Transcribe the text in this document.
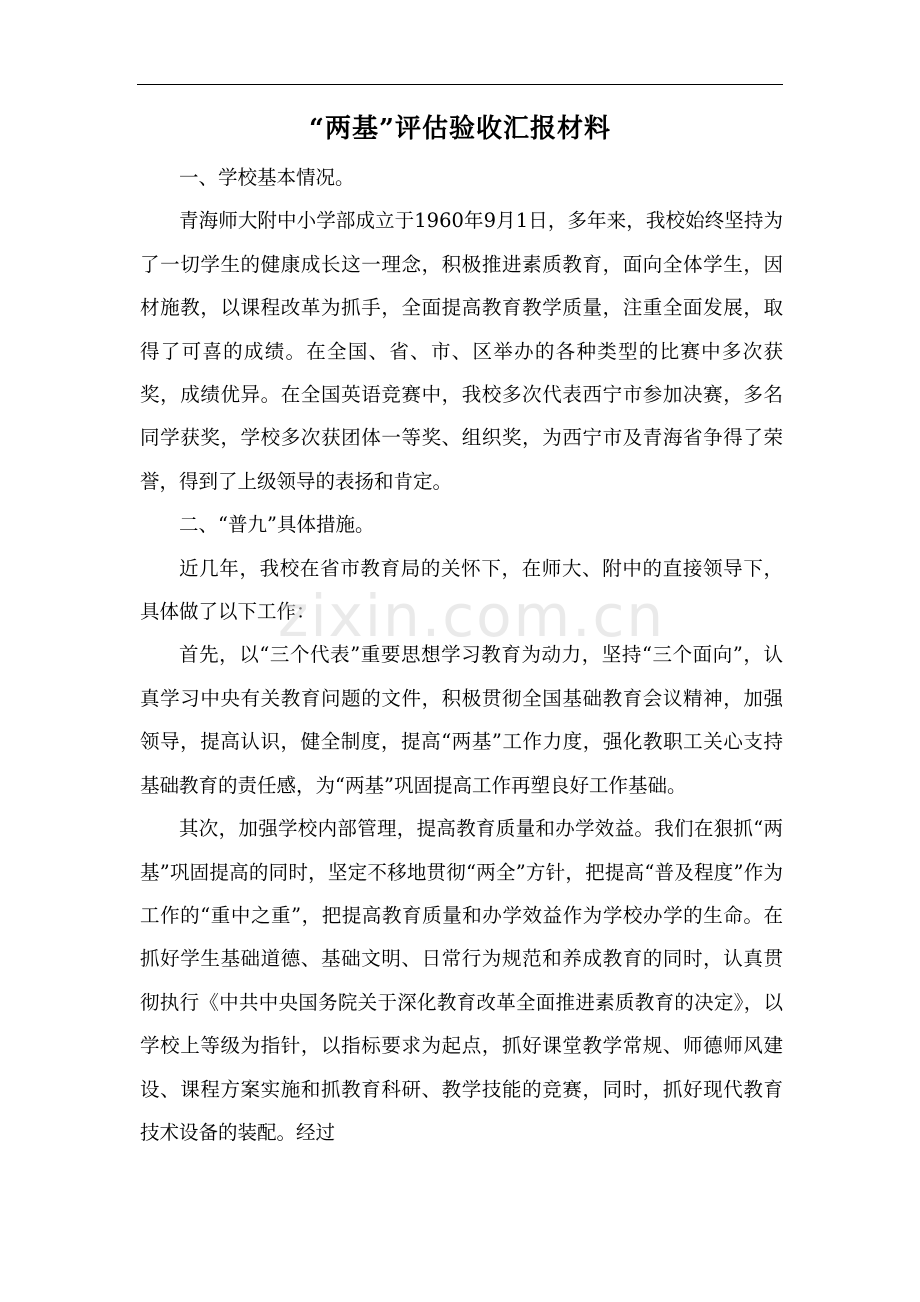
“两基”评估验收汇报材料

一、学校基本情况。

青海师大附中小学部成立于1960年9月1日，多年来，我校始终坚持为了一切学生的健康成长这一理念，积极推进素质教育，面向全体学生，因材施教，以课程改革为抓手，全面提高教育教学质量，注重全面发展，取得了可喜的成绩。在全国、省、市、区举办的各种类型的比赛中多次获奖，成绩优异。在全国英语竞赛中，我校多次代表西宁市参加决赛，多名同学获奖，学校多次获团体一等奖、组织奖，为西宁市及青海省争得了荣誉，得到了上级领导的表扬和肯定。

二、“普九”具体措施。

近几年，我校在省市教育局的关怀下，在师大、附中的直接领导下，具体做了以下工作：

首先，以“三个代表”重要思想学习教育为动力，坚持“三个面向”，认真学习中央有关教育问题的文件，积极贯彻全国基础教育会议精神，加强领导，提高认识，健全制度，提高“两基”工作力度，强化教职工关心支持基础教育的责任感，为“两基”巩固提高工作再塑良好工作基础。

其次，加强学校内部管理，提高教育质量和办学效益。我们在狠抓“两基”巩固提高的同时，坚定不移地贯彻“两全”方针，把提高“普及程度”作为工作的“重中之重”，把提高教育质量和办学效益作为学校办学的生命。在抓好学生基础道德、基础文明、日常行为规范和养成教育的同时，认真贯彻执行《中共中央国务院关于深化教育改革全面推进素质教育的决定》，以学校上等级为指针，以指标要求为起点，抓好课堂教学常规、师德师风建设、课程方案实施和抓教育科研、教学技能的竞赛，同时，抓好现代教育技术设备的装配。经过

zixin.com.cn
